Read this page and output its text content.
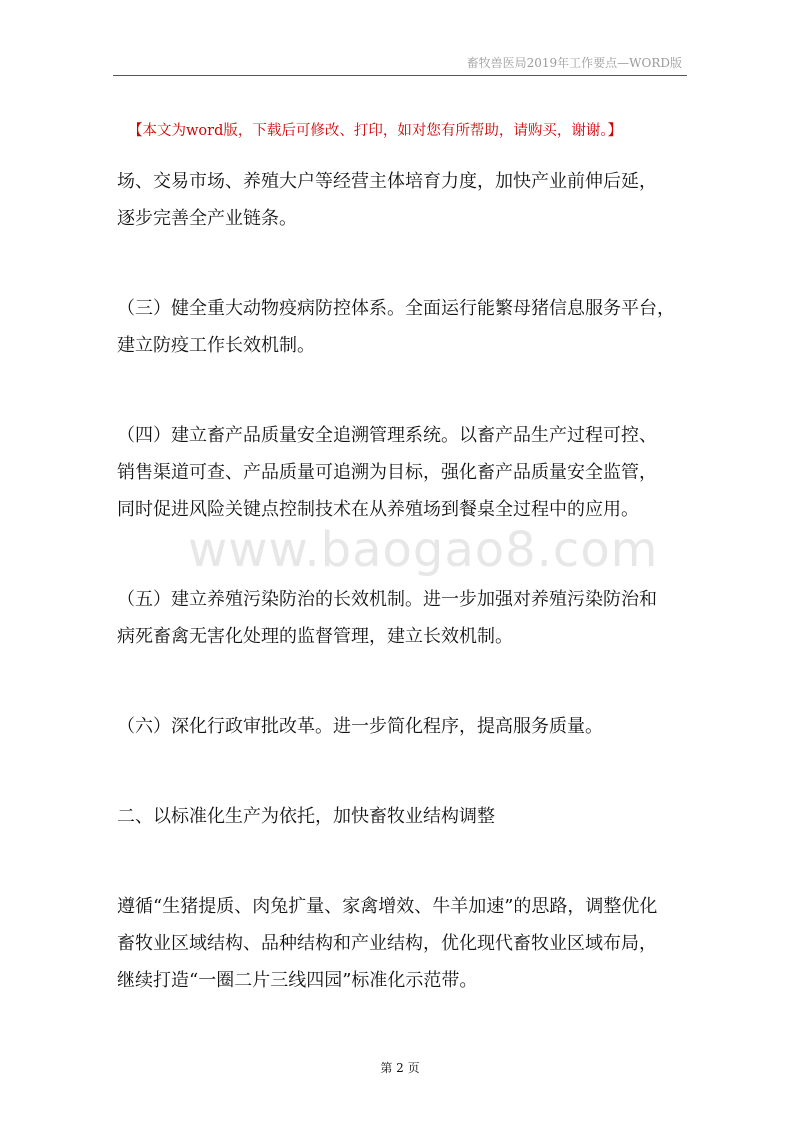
畜牧兽医局2019年工作要点—WORD版
【本文为word版，下载后可修改、打印，如对您有所帮助，请购买，谢谢。】
www.baogao8.com

场、交易市场、养殖大户等经营主体培育力度，加快产业前伸后延，
逐步完善全产业链条。

（三）健全重大动物疫病防控体系。全面运行能繁母猪信息服务平台，
建立防疫工作长效机制。

（四）建立畜产品质量安全追溯管理系统。以畜产品生产过程可控、
销售渠道可查、产品质量可追溯为目标，强化畜产品质量安全监管，
同时促进风险关键点控制技术在从养殖场到餐桌全过程中的应用。

（五）建立养殖污染防治的长效机制。进一步加强对养殖污染防治和
病死畜禽无害化处理的监督管理，建立长效机制。

（六）深化行政审批改革。进一步简化程序，提高服务质量。

二、以标准化生产为依托，加快畜牧业结构调整

遵循“生猪提质、肉兔扩量、家禽增效、牛羊加速”的思路，调整优化
畜牧业区域结构、品种结构和产业结构，优化现代畜牧业区域布局，
继续打造“一圈二片三线四园”标准化示范带。

第 2 页
